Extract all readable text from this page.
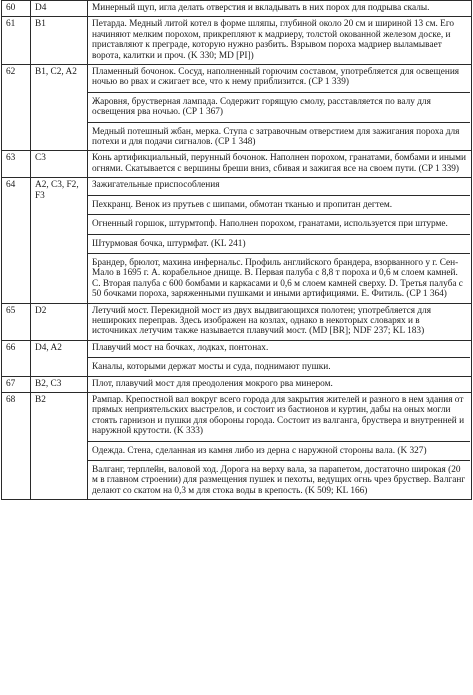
60	D4	Минерный щуп, игла делать отверстия и вкладывать в них порох для подрыва скалы.

61	B1	Петарда. Медный литой котел в форме шляпы, глубиной около 20 см и шириной 13 см. Его начиняют мелким порохом, прикрепляют к мадриеру, толстой окованной железом доске, и приставляют к преграде, которую нужно разбить. Взрывом порохa мадриер выламывает ворота, калитки и проч. (K 330; MD [PI])

62	B1, C2, A2	Пламенный бочонок. Сосуд, наполненный горючим составом, употребляется для освещения ночью во рвах и сжигает все, что к нему приблизится. (CP 1 339)
Жаровня, брустверная лампада. Содержит горящую смолу, расставляется по валу для освещения рва ночью. (CP 1 367)
Медный потешный жбан, мерка. Ступа с затравочным отверстием для зажигания пороха для потехи и для подачи сигналов. (CP 1 348)

63	C3	Конь артификциальный, перунный бочонок. Наполнен порохом, гранатами, бомбами и иными огнями. Скатывается с вершины бреши вниз, сбивая и зажигая все на своем пути. (CP 1 339)

64	A2, C3, F2, F3	Зажигательные приспособления
Пехкранц. Венок из прутьев с шипами, обмотан тканью и пропитан дегтем.
Огненный горшок, штурмтопф. Наполнен порохом, гранатами, используется при штурме.
Штурмовая бочка, штурмфат. (KL 241)
Брандер, брюлот, махина инфернальс. Профиль английского брандера, взорванного у г. Сен-Мало в 1695 г. A. корабельное днище. B. Первая палуба с 8,8 т пороха и 0,6 м слоем камней. C. Вторая палуба с 600 бомбами и каркасами и 0,6 м слоем камней сверху. D. Третья палуба с 50 бочками пороха, заряженными пушками и иными артифициями. E. Фитиль. (CP 1 364)

65	D2	Летучий мост. Перекидной мост из двух выдвигающихся полотен; употребляется для нешироких переправ. Здесь изображен на козлах, однако в некоторых словарях и в источниках летучим также называется плавучий мост. (MD [BR]; NDF 237; KL 183)

66	D4, A2	Плавучий мост на бочках, лодках, понтонах.
Каналы, которыми держат мосты и суда, поднимают пушки.

67	B2, C3	Плот, плавучий мост для преодоления мокрого рва минером.

68	B2	Рампар. Крепостной вал вокруг всего города для закрытия жителей и разного в нем здания от прямых неприятельских выстрелов, и состоит из бастионов и куртин, дабы на оных могли стоять гарнизон и пушки для обороны города. Состоит из валганга, бруствера и внутренней и наружной крутости. (K 333)
Одежда. Стена, сделанная из камня либо из дерна с наружной стороны вала. (K 327)
Валганг, терплейн, валовой ход. Дорога на верху вала, за парапетом, достаточно широкая (20 м в главном строении) для размещения пушек и пехоты, ведущих огнь чрез бруствер. Валганг делают со скатом на 0,3 м для стока воды в крепость. (K 509; KL 166)
